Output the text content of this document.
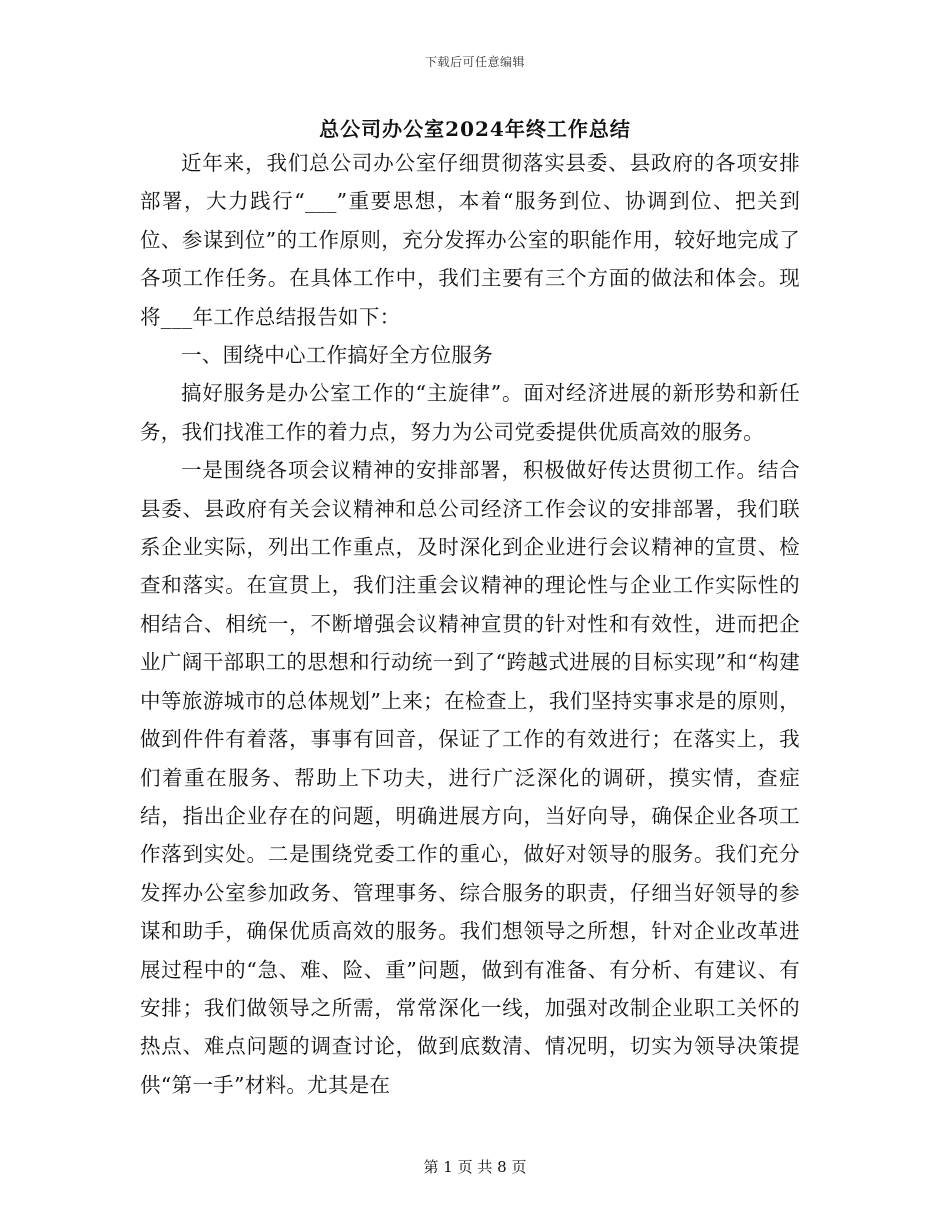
下载后可任意编辑
总公司办公室2024年终工作总结

近年来，我们总公司办公室仔细贯彻落实县委、县政府的各项安排部署，大力践行“___”重要思想，本着“服务到位、协调到位、把关到位、参谋到位”的工作原则，充分发挥办公室的职能作用，较好地完成了各项工作任务。在具体工作中，我们主要有三个方面的做法和体会。现将___年工作总结报告如下：

一、围绕中心工作搞好全方位服务

搞好服务是办公室工作的“主旋律”。面对经济进展的新形势和新任务，我们找准工作的着力点，努力为公司党委提供优质高效的服务。

一是围绕各项会议精神的安排部署，积极做好传达贯彻工作。结合县委、县政府有关会议精神和总公司经济工作会议的安排部署，我们联系企业实际，列出工作重点，及时深化到企业进行会议精神的宣贯、检查和落实。在宣贯上，我们注重会议精神的理论性与企业工作实际性的相结合、相统一，不断增强会议精神宣贯的针对性和有效性，进而把企业广阔干部职工的思想和行动统一到了“跨越式进展的目标实现”和“构建中等旅游城市的总体规划”上来；在检查上，我们坚持实事求是的原则，做到件件有着落，事事有回音，保证了工作的有效进行；在落实上，我们着重在服务、帮助上下功夫，进行广泛深化的调研，摸实情，查症结，指出企业存在的问题，明确进展方向，当好向导，确保企业各项工作落到实处。二是围绕党委工作的重心，做好对领导的服务。我们充分发挥办公室参加政务、管理事务、综合服务的职责，仔细当好领导的参谋和助手，确保优质高效的服务。我们想领导之所想，针对企业改革进展过程中的“急、难、险、重”问题，做到有准备、有分析、有建议、有安排；我们做领导之所需，常常深化一线，加强对改制企业职工关怀的热点、难点问题的调查讨论，做到底数清、情况明，切实为领导决策提供“第一手”材料。尤其是在

第 1 页 共 8 页
